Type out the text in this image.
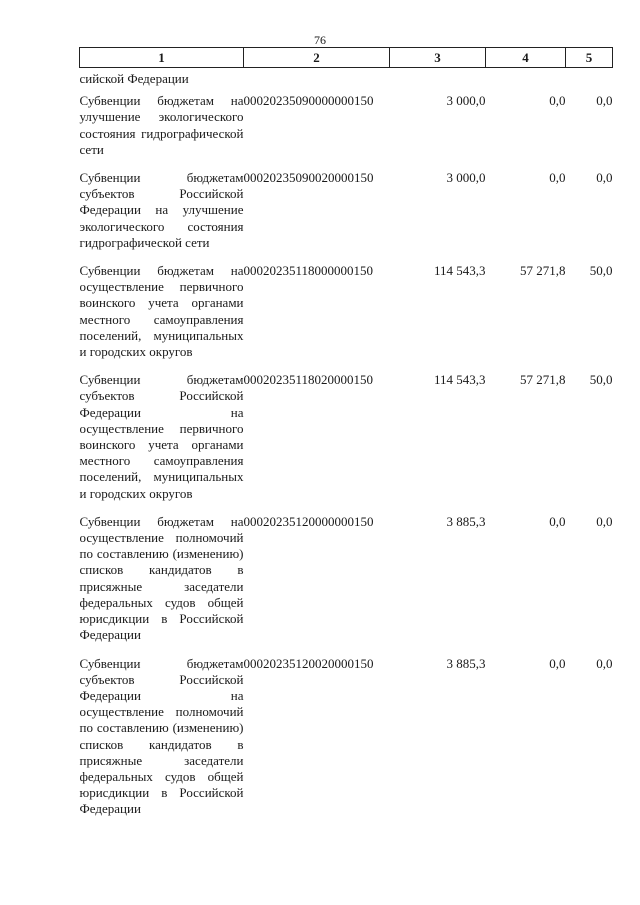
76
1	2	3	4	5
сийской Федерации				
Субвенции бюджетам на улучшение экологического состояния гидрографической сети	00020235090000000150	3 000,0	0,0	0,0
Субвенции бюджетам субъектов Российской Федерации на улучшение экологического состояния гидрографической сети	00020235090020000150	3 000,0	0,0	0,0
Субвенции бюджетам на осуществление первичного воинского учета органами местного самоуправления поселений, муниципальных и городских округов	00020235118000000150	114 543,3	57 271,8	50,0
Субвенции бюджетам субъектов Российской Федерации на осуществление первичного воинского учета органами местного самоуправления поселений, муниципальных и городских округов	00020235118020000150	114 543,3	57 271,8	50,0
Субвенции бюджетам на осуществление полномочий по составлению (изменению) списков кандидатов в присяжные заседатели федеральных судов общей юрисдикции в Российской Федерации	00020235120000000150	3 885,3	0,0	0,0
Субвенции бюджетам субъектов Российской Федерации на осуществление полномочий по составлению (изменению) списков кандидатов в присяжные заседатели федеральных судов общей юрисдикции в Российской Федерации	00020235120020000150	3 885,3	0,0	0,0
